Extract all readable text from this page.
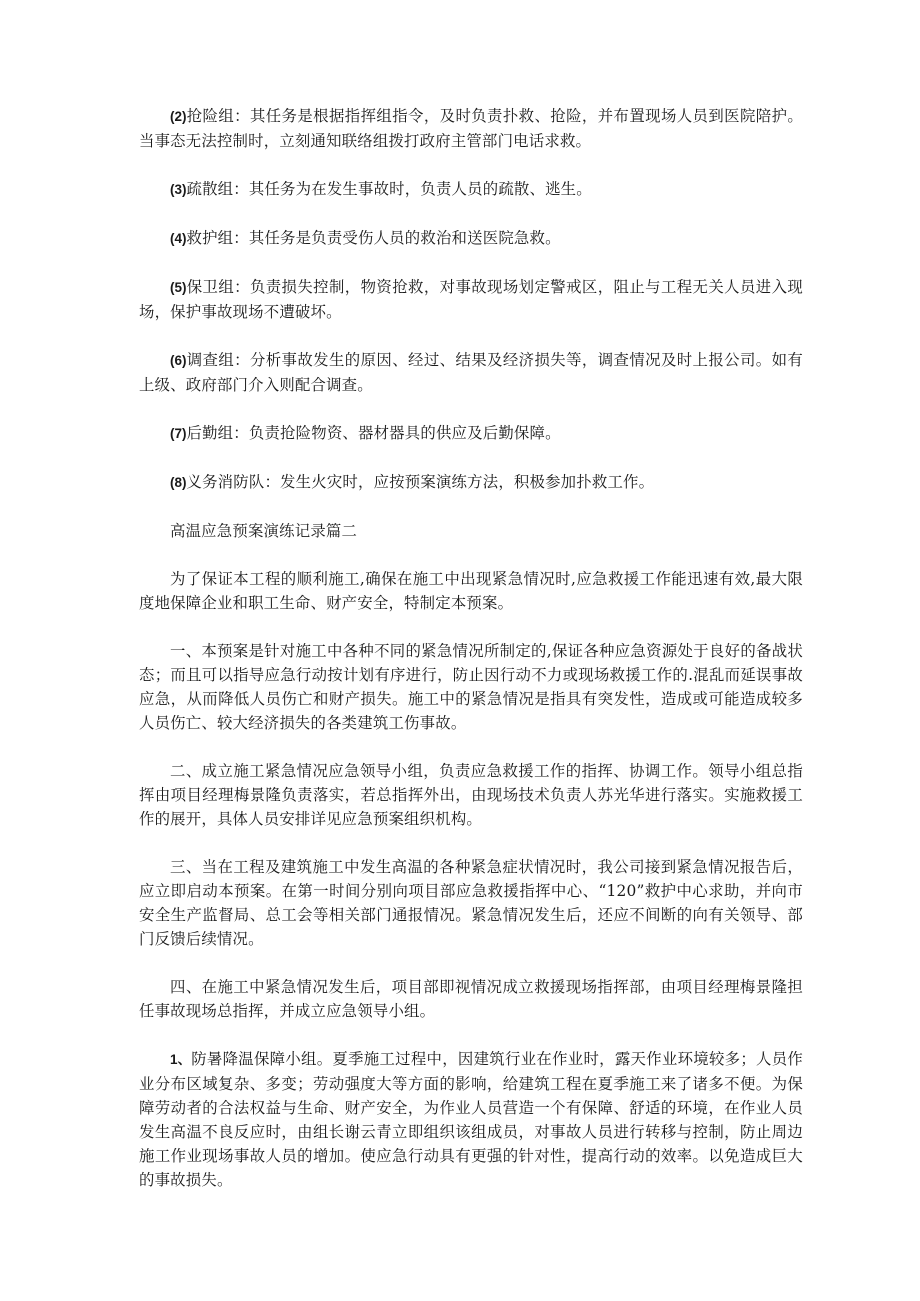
(2)抢险组：其任务是根据指挥组指令，及时负责扑救、抢险，并布置现场人员到医院陪护。当事态无法控制时，立刻通知联络组拨打政府主管部门电话求救。

(3)疏散组：其任务为在发生事故时，负责人员的疏散、逃生。

(4)救护组：其任务是负责受伤人员的救治和送医院急救。

(5)保卫组：负责损失控制，物资抢救，对事故现场划定警戒区，阻止与工程无关人员进入现场，保护事故现场不遭破坏。

(6)调查组：分析事故发生的原因、经过、结果及经济损失等，调查情况及时上报公司。如有上级、政府部门介入则配合调查。

(7)后勤组：负责抢险物资、器材器具的供应及后勤保障。

(8)义务消防队：发生火灾时，应按预案演练方法，积极参加扑救工作。

高温应急预案演练记录篇二

为了保证本工程的顺利施工,确保在施工中出现紧急情况时,应急救援工作能迅速有效,最大限度地保障企业和职工生命、财产安全，特制定本预案。

一、本预案是针对施工中各种不同的紧急情况所制定的,保证各种应急资源处于良好的备战状态；而且可以指导应急行动按计划有序进行，防止因行动不力或现场救援工作的.混乱而延误事故应急，从而降低人员伤亡和财产损失。施工中的紧急情况是指具有突发性，造成或可能造成较多人员伤亡、较大经济损失的各类建筑工伤事故。

二、成立施工紧急情况应急领导小组，负责应急救援工作的指挥、协调工作。领导小组总指挥由项目经理梅景隆负责落实，若总指挥外出，由现场技术负责人苏光华进行落实。实施救援工作的展开，具体人员安排详见应急预案组织机构。

三、当在工程及建筑施工中发生高温的各种紧急症状情况时，我公司接到紧急情况报告后，应立即启动本预案。在第一时间分别向项目部应急救援指挥中心、“120”救护中心求助，并向市安全生产监督局、总工会等相关部门通报情况。紧急情况发生后，还应不间断的向有关领导、部门反馈后续情况。

四、在施工中紧急情况发生后，项目部即视情况成立救援现场指挥部，由项目经理梅景隆担任事故现场总指挥，并成立应急领导小组。

1、防暑降温保障小组。夏季施工过程中，因建筑行业在作业时，露天作业环境较多；人员作业分布区域复杂、多变；劳动强度大等方面的影响，给建筑工程在夏季施工来了诸多不便。为保障劳动者的合法权益与生命、财产安全，为作业人员营造一个有保障、舒适的环境，在作业人员发生高温不良反应时，由组长谢云青立即组织该组成员，对事故人员进行转移与控制，防止周边施工作业现场事故人员的增加。使应急行动具有更强的针对性，提高行动的效率。以免造成巨大的事故损失。
